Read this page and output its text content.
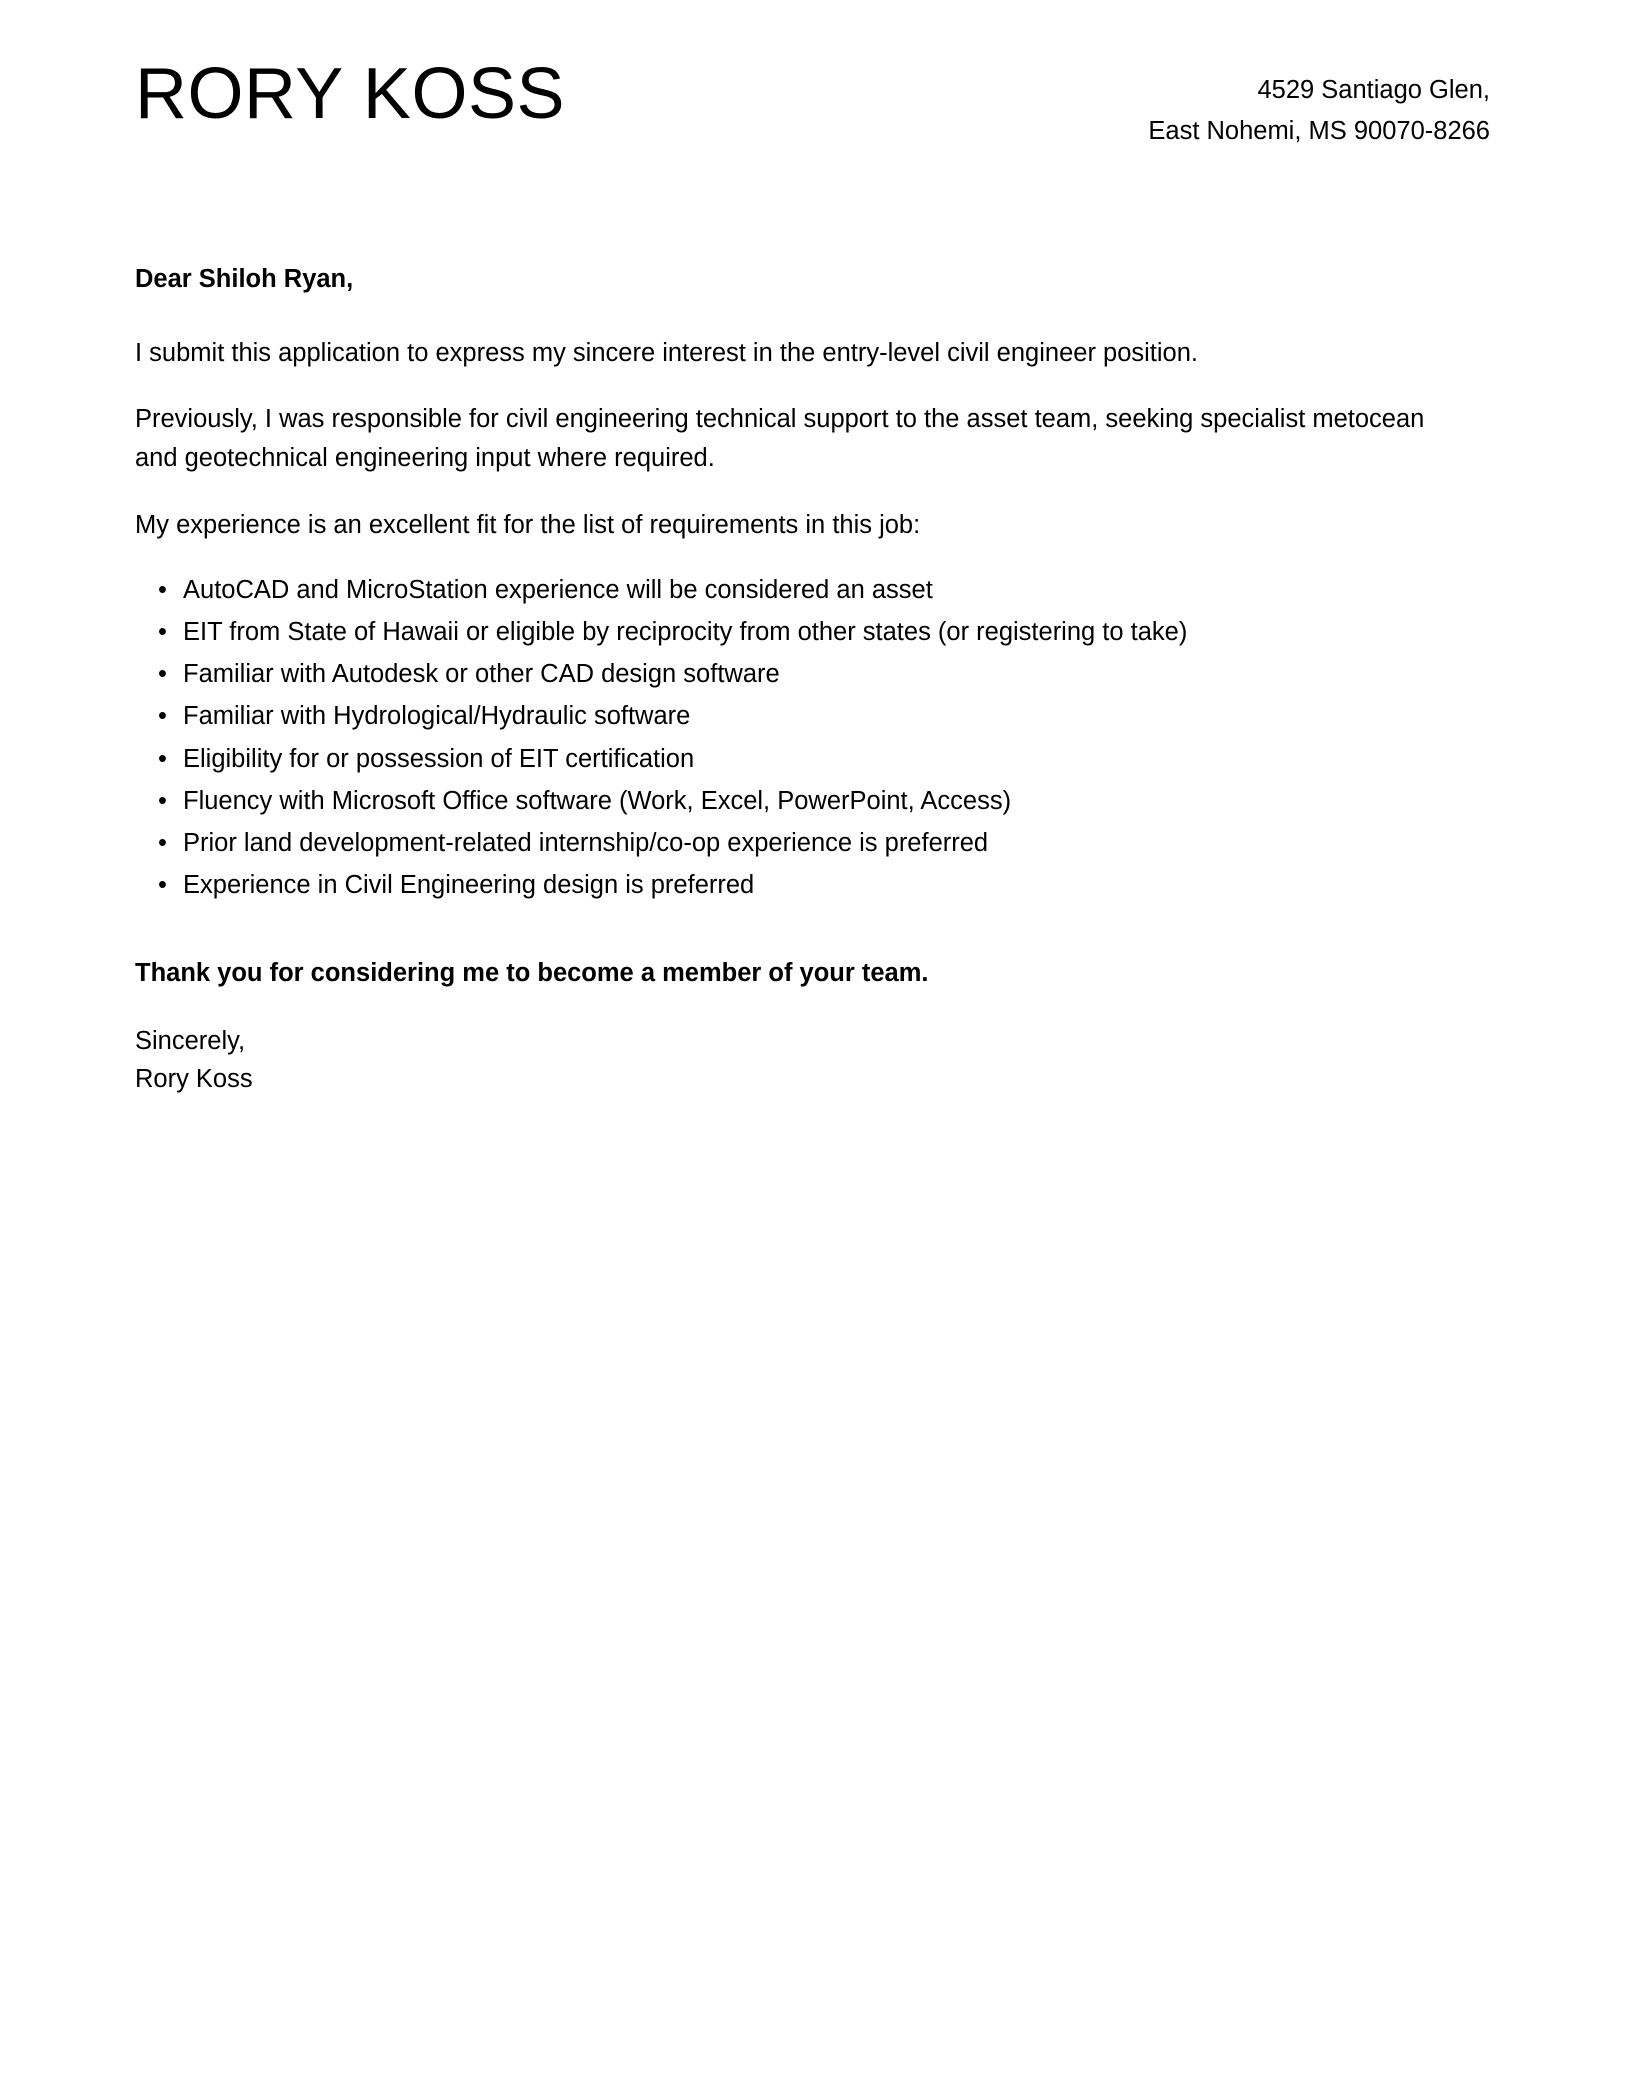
RORY KOSS	4529 Santiago Glen,
East Nohemi, MS 90070-8266

Dear Shiloh Ryan,

I submit this application to express my sincere interest in the entry-level civil engineer position.

Previously, I was responsible for civil engineering technical support to the asset team, seeking specialist metocean and geotechnical engineering input where required.

My experience is an excellent fit for the list of requirements in this job:

• AutoCAD and MicroStation experience will be considered an asset
• EIT from State of Hawaii or eligible by reciprocity from other states (or registering to take)
• Familiar with Autodesk or other CAD design software
• Familiar with Hydrological/Hydraulic software
• Eligibility for or possession of EIT certification
• Fluency with Microsoft Office software (Work, Excel, PowerPoint, Access)
• Prior land development-related internship/co-op experience is preferred
• Experience in Civil Engineering design is preferred

Thank you for considering me to become a member of your team.

Sincerely,
Rory Koss
